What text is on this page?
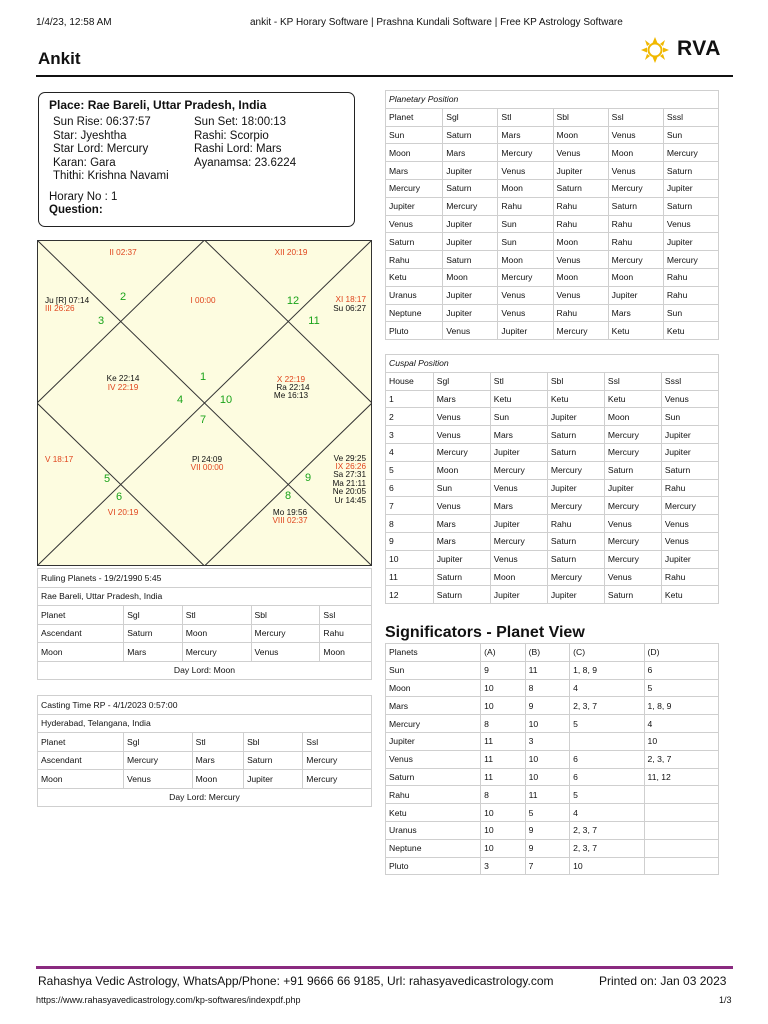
1/4/23, 12:58 AM	ankit - KP Horary Software | Prashna Kundali Software | Free KP Astrology Software
Ankit	RVA
Place: Rae Bareli, Uttar Pradesh, India
Sun Rise: 06:37:57	Sun Set: 18:00:13
Star: Jyeshtha	Rashi: Scorpio
Star Lord: Mercury	Rashi Lord: Mars
Karan: Gara	Ayanamsa: 23.6224
Thithi: Krishna Navami
Horary No : 1
Question:
1
2
3
4
5
6
7
8
9
10
11
12
I 00:00
II 02:37
III 26:26
IV 22:19
V 18:17
VI 20:19
VII 00:00
VIII 02:37
IX 26:26
X 22:19
XI 18:17
XII 20:19
Ju [R] 07:14
Ke 22:14
Pl 24:09
Mo 19:56
Ra 22:14
Me 16:13
Su 06:27
Ve 29:25
Sa 27:31
Ma 21:11
Ne 20:05
Ur 14:45
Planetary Position					
Planet	Sgl	Stl	Sbl	Ssl	Sssl
Sun	Saturn	Mars	Moon	Venus	Sun
Moon	Mars	Mercury	Venus	Moon	Mercury
Mars	Jupiter	Venus	Jupiter	Venus	Saturn
Mercury	Saturn	Moon	Saturn	Mercury	Jupiter
Jupiter	Mercury	Rahu	Rahu	Saturn	Saturn
Venus	Jupiter	Sun	Rahu	Rahu	Venus
Saturn	Jupiter	Sun	Moon	Rahu	Jupiter
Rahu	Saturn	Moon	Venus	Mercury	Mercury
Ketu	Moon	Mercury	Moon	Moon	Rahu
Uranus	Jupiter	Venus	Venus	Jupiter	Rahu
Neptune	Jupiter	Venus	Rahu	Mars	Sun
Pluto	Venus	Jupiter	Mercury	Ketu	Ketu
Cuspal Position					
House	Sgl	Stl	Sbl	Ssl	Sssl
1	Mars	Ketu	Ketu	Ketu	Venus
2	Venus	Sun	Jupiter	Moon	Sun
3	Venus	Mars	Saturn	Mercury	Jupiter
4	Mercury	Jupiter	Saturn	Mercury	Jupiter
5	Moon	Mercury	Mercury	Saturn	Saturn
6	Sun	Venus	Jupiter	Jupiter	Rahu
7	Venus	Mars	Mercury	Mercury	Mercury
8	Mars	Jupiter	Rahu	Venus	Venus
9	Mars	Mercury	Saturn	Mercury	Venus
10	Jupiter	Venus	Saturn	Mercury	Jupiter
11	Saturn	Moon	Mercury	Venus	Rahu
12	Saturn	Jupiter	Jupiter	Saturn	Ketu
Significators - Planet View
Planets	(A)	(B)	(C)	(D)
Sun	9	11	1, 8, 9	6
Moon	10	8	4	5
Mars	10	9	2, 3, 7	1, 8, 9
Mercury	8	10	5	4
Jupiter	11	3		10
Venus	11	10	6	2, 3, 7
Saturn	11	10	6	11, 12
Rahu	8	11	5	
Ketu	10	5	4	
Uranus	10	9	2, 3, 7	
Neptune	10	9	2, 3, 7	
Pluto	3	7	10	
Ruling Planets - 19/2/1990 5:45				
Rae Bareli, Uttar Pradesh, India				
Planet	Sgl	Stl	Sbl	Ssl
Ascendant	Saturn	Moon	Mercury	Rahu
Moon	Mars	Mercury	Venus	Moon
Day Lord: Moon				
Casting Time RP - 4/1/2023 0:57:00				
Hyderabad, Telangana, India				
Planet	Sgl	Stl	Sbl	Ssl
Ascendant	Mercury	Mars	Saturn	Mercury
Moon	Venus	Moon	Jupiter	Mercury
Day Lord: Mercury				
Rahashya Vedic Astrology, WhatsApp/Phone: +91 9666 66 9185, Url: rahasyavedicastrology.com	Printed on: Jan 03 2023
https://www.rahasyavedicastrology.com/kp-softwares/indexpdf.php	1/3
